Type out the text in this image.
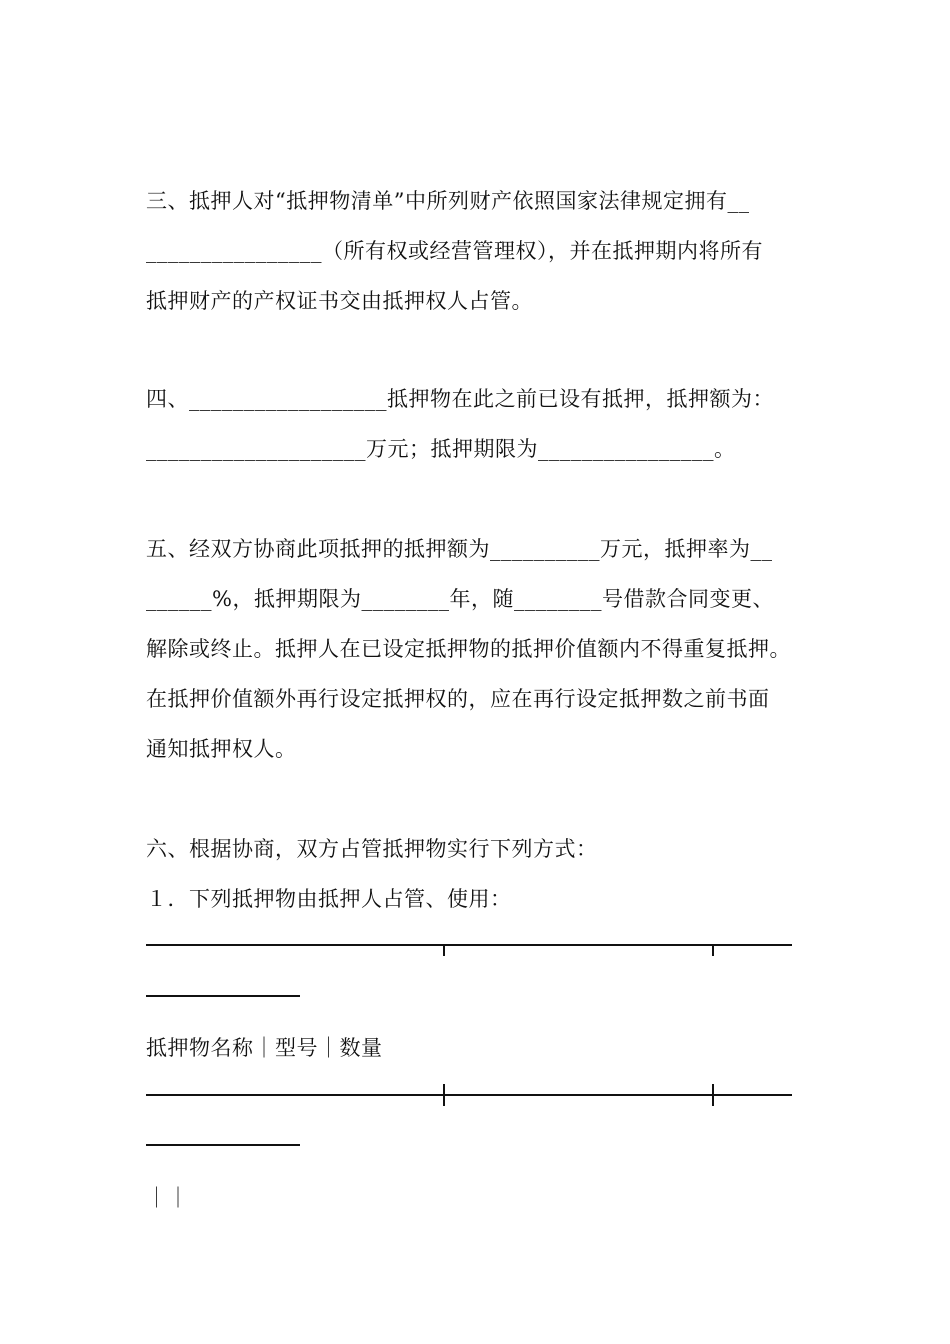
三、抵押人对“抵押物清单”中所列财产依照国家法律规定拥有__
________________（所有权或经营管理权），并在抵押期内将所有
抵押财产的产权证书交由抵押权人占管。
四、__________________抵押物在此之前已设有抵押，抵押额为：
____________________万元；抵押期限为________________。
五、经双方协商此项抵押的抵押额为__________万元，抵押率为__
______%，抵押期限为________年，随________号借款合同变更、
解除或终止。抵押人在已设定抵押物的抵押价值额内不得重复抵押。
在抵押价值额外再行设定抵押权的，应在再行设定抵押数之前书面
通知抵押权人。
六、根据协商，双方占管抵押物实行下列方式：
１．下列抵押物由抵押人占管、使用：
抵押物名称｜型号｜数量
｜｜
